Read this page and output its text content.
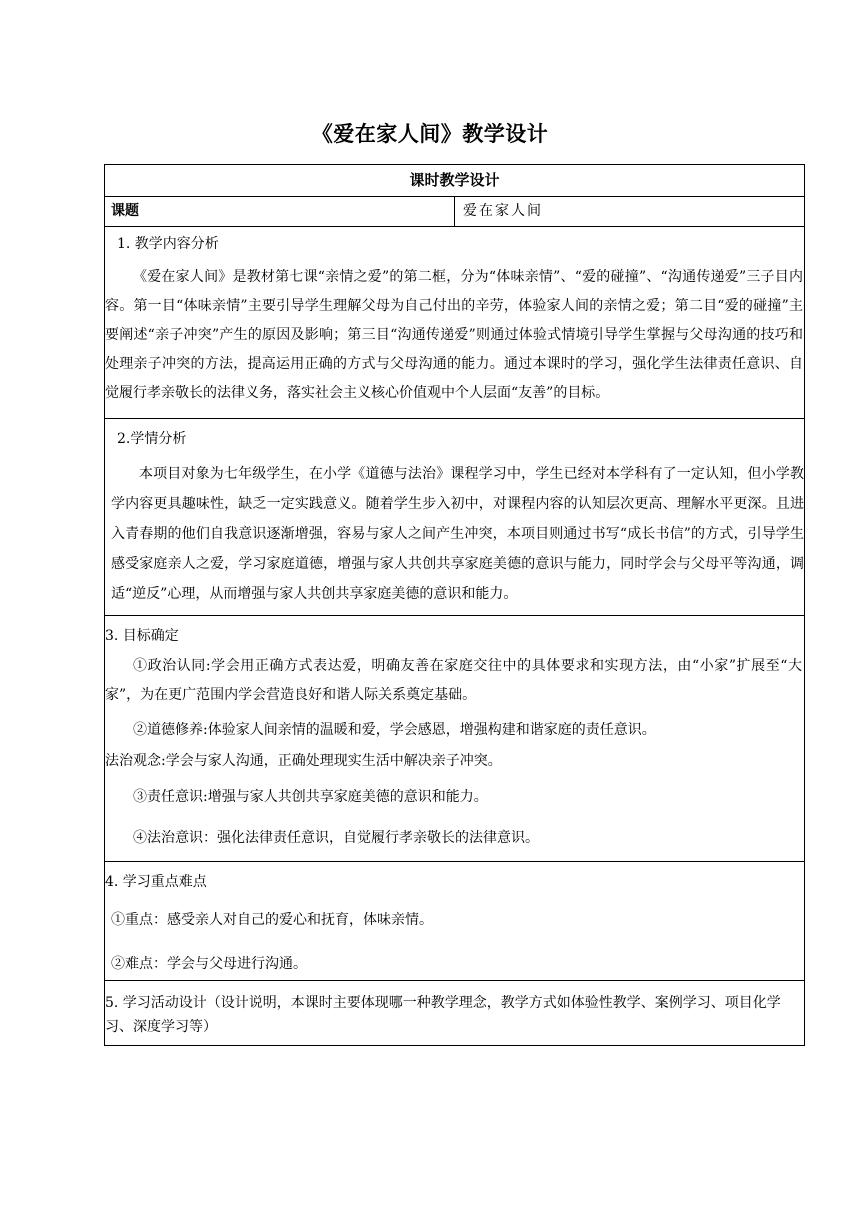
《爱在家人间》教学设计
课时教学设计
课题	爱在家人间

1. 教学内容分析

《爱在家人间》是教材第七课“亲情之爱”的第二框，分为“体味亲情”、“爱的碰撞”、“沟通传递爱”三子目内容。第一目“体味亲情”主要引导学生理解父母为自己付出的辛劳，体验家人间的亲情之爱；第二目“爱的碰撞”主要阐述“亲子冲突”产生的原因及影响；第三目“沟通传递爱”则通过体验式情境引导学生掌握与父母沟通的技巧和处理亲子冲突的方法，提高运用正确的方式与父母沟通的能力。通过本课时的学习，强化学生法律责任意识、自觉履行孝亲敬长的法律义务，落实社会主义核心价值观中个人层面“友善”的目标。

2.学情分析

本项目对象为七年级学生，在小学《道德与法治》课程学习中，学生已经对本学科有了一定认知，但小学教学内容更具趣味性，缺乏一定实践意义。随着学生步入初中，对课程内容的认知层次更高、理解水平更深。且进入青春期的他们自我意识逐渐增强，容易与家人之间产生冲突，本项目则通过书写“成长书信”的方式，引导学生感受家庭亲人之爱，学习家庭道德，增强与家人共创共享家庭美德的意识与能力，同时学会与父母平等沟通，调适“逆反”心理，从而增强与家人共创共享家庭美德的意识和能力。

3. 目标确定

①政治认同:学会用正确方式表达爱，明确友善在家庭交往中的具体要求和实现方法，由“小家”扩展至“大家”，为在更广范围内学会营造良好和谐人际关系奠定基础。

②道德修养:体验家人间亲情的温暖和爱，学会感恩，增强构建和谐家庭的责任意识。

法治观念:学会与家人沟通，正确处理现实生活中解决亲子冲突。

③责任意识:增强与家人共创共享家庭美德的意识和能力。

④法治意识：强化法律责任意识，自觉履行孝亲敬长的法律意识。

4. 学习重点难点

①重点：感受亲人对自己的爱心和抚育，体味亲情。

②难点：学会与父母进行沟通。

5. 学习活动设计（设计说明，本课时主要体现哪一种教学理念，教学方式如体验性教学、案例学习、项目化学习、深度学习等）
